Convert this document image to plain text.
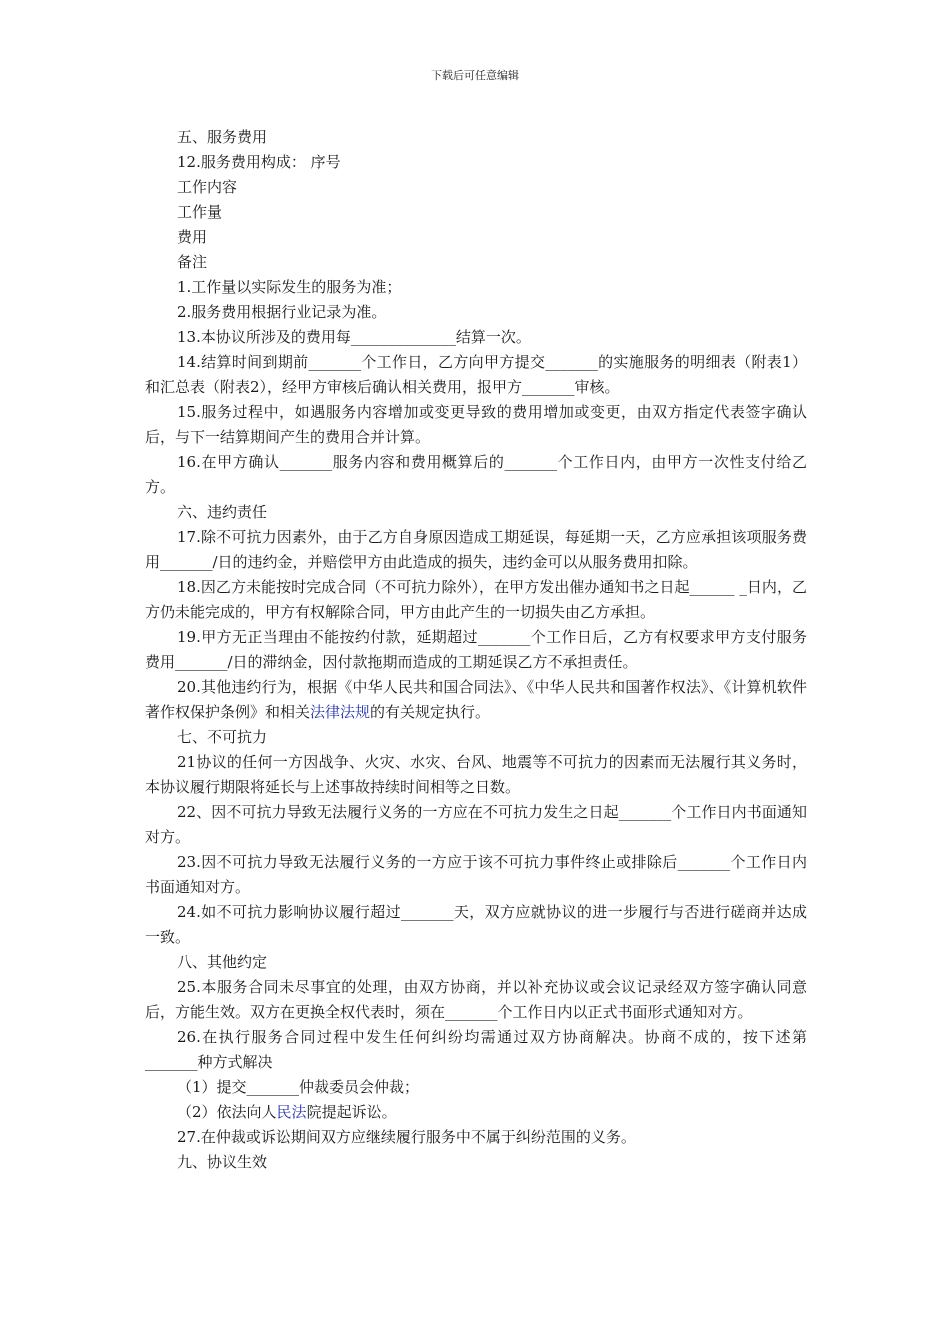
下载后可任意编辑

五、服务费用

12.服务费用构成： 序号

工作内容

工作量

费用

备注

1.工作量以实际发生的服务为准；

2.服务费用根据行业记录为准。

13.本协议所涉及的费用每______________结算一次。

14.结算时间到期前_______个工作日，乙方向甲方提交_______的实施服务的明细表（附表1）和汇总表（附表2），经甲方审核后确认相关费用，报甲方_______审核。

15.服务过程中，如遇服务内容增加或变更导致的费用增加或变更，由双方指定代表签字确认后，与下一结算期间产生的费用合并计算。

16.在甲方确认_______服务内容和费用概算后的_______个工作日内，由甲方一次性支付给乙方。

六、违约责任

17.除不可抗力因素外，由于乙方自身原因造成工期延误，每延期一天，乙方应承担该项服务费用_______/日的违约金，并赔偿甲方由此造成的损失，违约金可以从服务费用扣除。

18.因乙方未能按时完成合同（不可抗力除外），在甲方发出催办通知书之日起______ _日内，乙方仍未能完成的，甲方有权解除合同，甲方由此产生的一切损失由乙方承担。

19.甲方无正当理由不能按约付款，延期超过_______个工作日后，乙方有权要求甲方支付服务费用_______/日的滞纳金，因付款拖期而造成的工期延误乙方不承担责任。

20.其他违约行为，根据《中华人民共和国合同法》、《中华人民共和国著作权法》、《计算机软件著作权保护条例》和相关法律法规的有关规定执行。

七、不可抗力

21协议的任何一方因战争、火灾、水灾、台风、地震等不可抗力的因素而无法履行其义务时，本协议履行期限将延长与上述事故持续时间相等之日数。

22、因不可抗力导致无法履行义务的一方应在不可抗力发生之日起_______个工作日内书面通知对方。

23.因不可抗力导致无法履行义务的一方应于该不可抗力事件终止或排除后_______个工作日内书面通知对方。

24.如不可抗力影响协议履行超过_______天，双方应就协议的进一步履行与否进行磋商并达成一致。

八、其他约定

25.本服务合同未尽事宜的处理，由双方协商，并以补充协议或会议记录经双方签字确认同意后，方能生效。双方在更换全权代表时，须在_______个工作日内以正式书面形式通知对方。

26.在执行服务合同过程中发生任何纠纷均需通过双方协商解决。协商不成的，按下述第_______种方式解决

（1）提交_______仲裁委员会仲裁；

（2）依法向人民法院提起诉讼。

27.在仲裁或诉讼期间双方应继续履行服务中不属于纠纷范围的义务。

九、协议生效
